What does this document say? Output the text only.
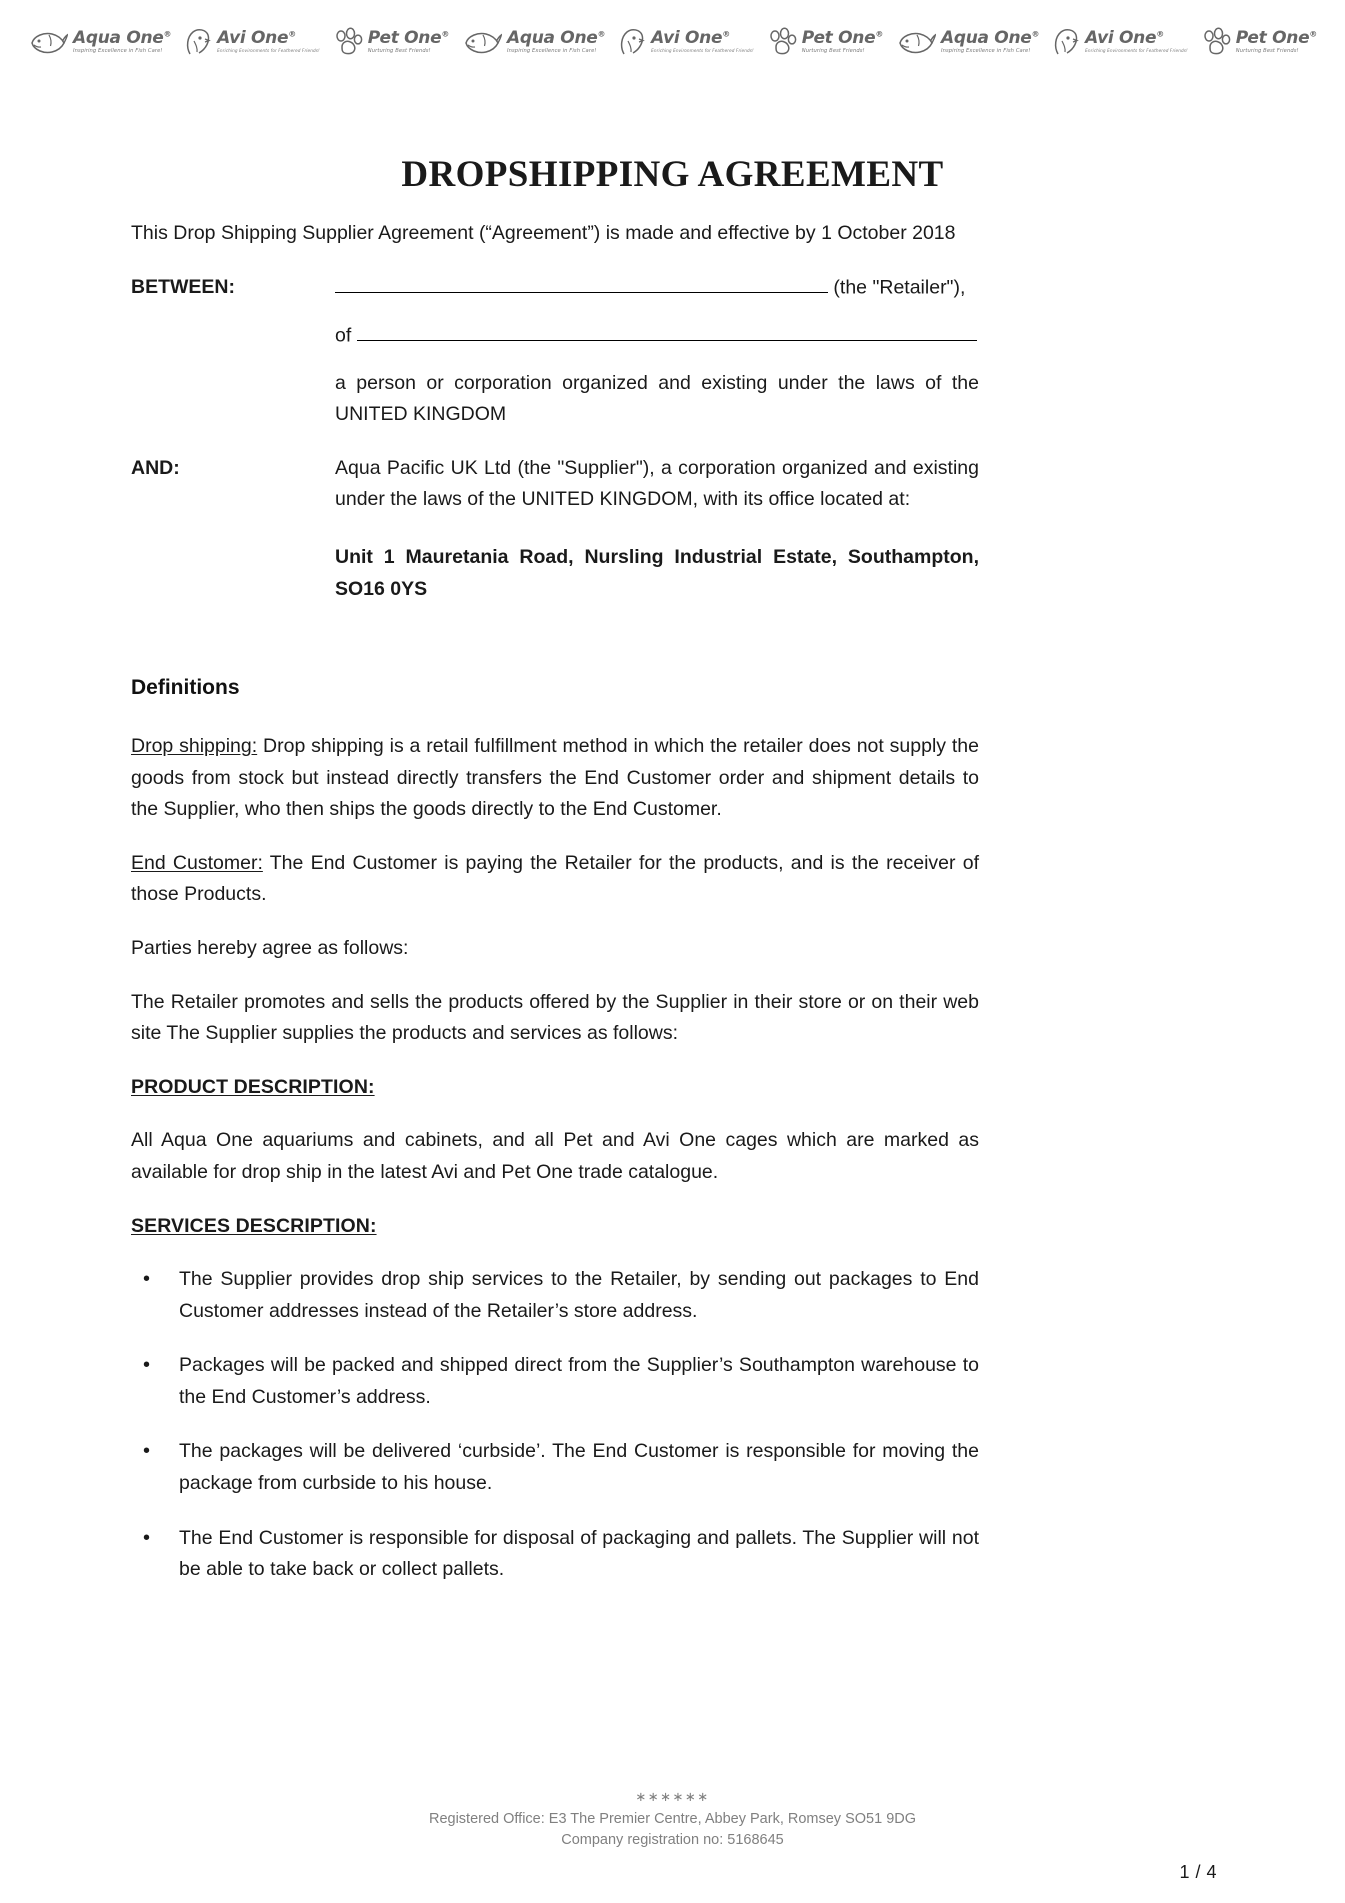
Aqua One®
Inspiring Excellence in Fish Care!
Avi One®
Enriching Environments for Feathered Friends!
Pet One®
Nurturing Best Friends!
Aqua One®
Inspiring Excellence in Fish Care!
Avi One®
Enriching Environments for Feathered Friends!
Pet One®
Nurturing Best Friends!
Aqua One®
Inspiring Excellence in Fish Care!
Avi One®
Enriching Environments for Feathered Friends!
Pet One®
Nurturing Best Friends!
DROPSHIPPING AGREEMENT

This Drop Shipping Supplier Agreement (“Agreement”) is made and effective by 1 October 2018

BETWEEN:	(the "Retailer"),
of
a person or corporation organized and existing under the laws of the UNITED KINGDOM
AND:	Aqua Pacific UK Ltd (the "Supplier"), a corporation organized and existing under the laws of the UNITED KINGDOM, with its office located at:
Unit 1 Mauretania Road, Nursling Industrial Estate, Southampton, SO16 0YS
Definitions

Drop shipping: Drop shipping is a retail fulfillment method in which the retailer does not supply the goods from stock but instead directly transfers the End Customer order and shipment details to the Supplier, who then ships the goods directly to the End Customer.

End Customer: The End Customer is paying the Retailer for the products, and is the receiver of those Products.

Parties hereby agree as follows:

The Retailer promotes and sells the products offered by the Supplier in their store or on their web site The Supplier supplies the products and services as follows:

PRODUCT DESCRIPTION:

All Aqua One aquariums and cabinets, and all Pet and Avi One cages which are marked as available for drop ship in the latest Avi and Pet One trade catalogue.

SERVICES DESCRIPTION:

• The Supplier provides drop ship services to the Retailer, by sending out packages to End Customer addresses instead of the Retailer’s store address.
• Packages will be packed and shipped direct from the Supplier’s Southampton warehouse to the End Customer’s address.
• The packages will be delivered ‘curbside’. The End Customer is responsible for moving the package from curbside to his house.
• The End Customer is responsible for disposal of packaging and pallets. The Supplier will not be able to take back or collect pallets.
∗∗∗∗∗∗
Registered Office: E3 The Premier Centre, Abbey Park, Romsey SO51 9DG
Company registration no: 5168645
1 / 4
